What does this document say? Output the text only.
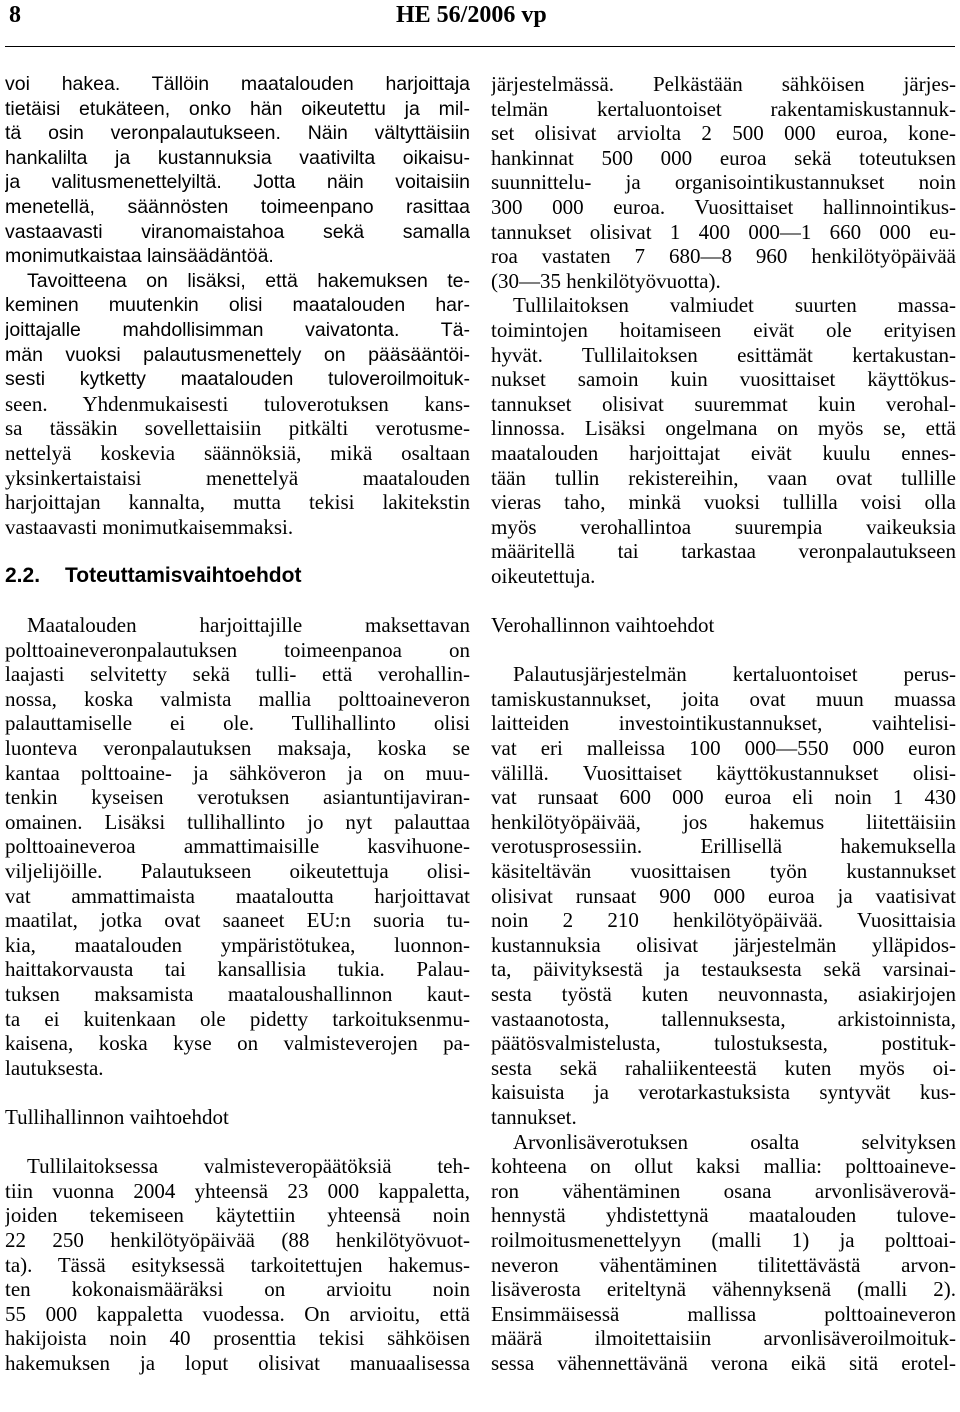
8	HE 56/2006 vp
voi hakea. Tällöin maatalouden harjoittaja
tietäisi etukäteen, onko hän oikeutettu ja mil-
tä osin veronpalautukseen. Näin vältyttäisiin
hankalilta ja kustannuksia vaativilta oikaisu-
ja valitusmenettelyiltä. Jotta näin voitaisiin
menetellä, säännösten toimeenpano rasittaa
vastaavasti viranomaistahoa sekä samalla
monimutkaistaa lainsäädäntöä.
Tavoitteena on lisäksi, että hakemuksen te-
keminen muutenkin olisi maatalouden har-
joittajalle mahdollisimman vaivatonta. Tä-
män vuoksi palautusmenettely on pääsääntöi-
sesti kytketty maatalouden tuloveroilmoituk-
seen. Yhdenmukaisesti tuloverotuksen kans-
sa tässäkin sovellettaisiin pitkälti verotusme-
nettelyä koskevia säännöksiä, mikä osaltaan
yksinkertaistaisi menettelyä maatalouden
harjoittajan kannalta, mutta tekisi lakitekstin
vastaavasti monimutkaisemmaksi.
2.2. Toteuttamisvaihtoehdot
Maatalouden harjoittajille maksettavan
polttoaineveronpalautuksen toimeenpanoa on
laajasti selvitetty sekä tulli- että verohallin-
nossa, koska valmista mallia polttoaineveron
palauttamiselle ei ole. Tullihallinto olisi
luonteva veronpalautuksen maksaja, koska se
kantaa polttoaine- ja sähköveron ja on muu-
tenkin kyseisen verotuksen asiantuntijaviran-
omainen. Lisäksi tullihallinto jo nyt palauttaa
polttoaineveroa ammattimaisille kasvihuone-
viljelijöille. Palautukseen oikeutettuja olisi-
vat ammattimaista maataloutta harjoittavat
maatilat, jotka ovat saaneet EU:n suoria tu-
kia, maatalouden ympäristötukea, luonnon-
haittakorvausta tai kansallisia tukia. Palau-
tuksen maksamista maataloushallinnon kaut-
ta ei kuitenkaan ole pidetty tarkoituksenmu-
kaisena, koska kyse on valmisteverojen pa-
lautuksesta.
Tullihallinnon vaihtoehdot
Tullilaitoksessa valmisteveropäätöksiä teh-
tiin vuonna 2004 yhteensä 23 000 kappaletta,
joiden tekemiseen käytettiin yhteensä noin
22 250 henkilötyöpäivää (88 henkilötyövuot-
ta). Tässä esityksessä tarkoitettujen hakemus-
ten kokonaismääräksi on arvioitu noin
55 000 kappaletta vuodessa. On arvioitu, että
hakijoista noin 40 prosenttia tekisi sähköisen
hakemuksen ja loput olisivat manuaalisessa
järjestelmässä. Pelkästään sähköisen järjes-
telmän kertaluontoiset rakentamiskustannuk-
set olisivat arviolta 2 500 000 euroa, kone-
hankinnat 500 000 euroa sekä toteutuksen
suunnittelu- ja organisointikustannukset noin
300 000 euroa. Vuosittaiset hallinnointikus-
tannukset olisivat 1 400 000—1 660 000 eu-
roa vastaten 7 680—8 960 henkilötyöpäivää
(30—35 henkilötyövuotta).
Tullilaitoksen valmiudet suurten massa-
toimintojen hoitamiseen eivät ole erityisen
hyvät. Tullilaitoksen esittämät kertakustan-
nukset samoin kuin vuosittaiset käyttökus-
tannukset olisivat suuremmat kuin verohal-
linnossa. Lisäksi ongelmana on myös se, että
maatalouden harjoittajat eivät kuulu ennes-
tään tullin rekistereihin, vaan ovat tullille
vieras taho, minkä vuoksi tullilla voisi olla
myös verohallintoa suurempia vaikeuksia
määritellä tai tarkastaa veronpalautukseen
oikeutettuja.
Verohallinnon vaihtoehdot
Palautusjärjestelmän kertaluontoiset perus-
tamiskustannukset, joita ovat muun muassa
laitteiden investointikustannukset, vaihtelisi-
vat eri malleissa 100 000—550 000 euron
välillä. Vuosittaiset käyttökustannukset olisi-
vat runsaat 600 000 euroa eli noin 1 430
henkilötyöpäivää, jos hakemus liitettäisiin
verotusprosessiin. Erillisellä hakemuksella
käsiteltävän vuosittaisen työn kustannukset
olisivat runsaat 900 000 euroa ja vaatisivat
noin 2 210 henkilötyöpäivää. Vuosittaisia
kustannuksia olisivat järjestelmän ylläpidos-
ta, päivityksestä ja testauksesta sekä varsinai-
sesta työstä kuten neuvonnasta, asiakirjojen
vastaanotosta, tallennuksesta, arkistoinnista,
päätösvalmistelusta, tulostuksesta, postituk-
sesta sekä rahaliikenteestä kuten myös oi-
kaisuista ja verotarkastuksista syntyvät kus-
tannukset.
Arvonlisäverotuksen osalta selvityksen
kohteena on ollut kaksi mallia: polttoaineve-
ron vähentäminen osana arvonlisäverovä-
hennystä yhdistettynä maatalouden tulove-
roilmoitusmenettelyyn (malli 1) ja polttoai-
neveron vähentäminen tilitettävästä arvon-
lisäverosta eriteltynä vähennyksenä (malli 2).
Ensimmäisessä mallissa polttoaineveron
määrä ilmoitettaisiin arvonlisäveroilmoituk-
sessa vähennettävänä verona eikä sitä erotel-
